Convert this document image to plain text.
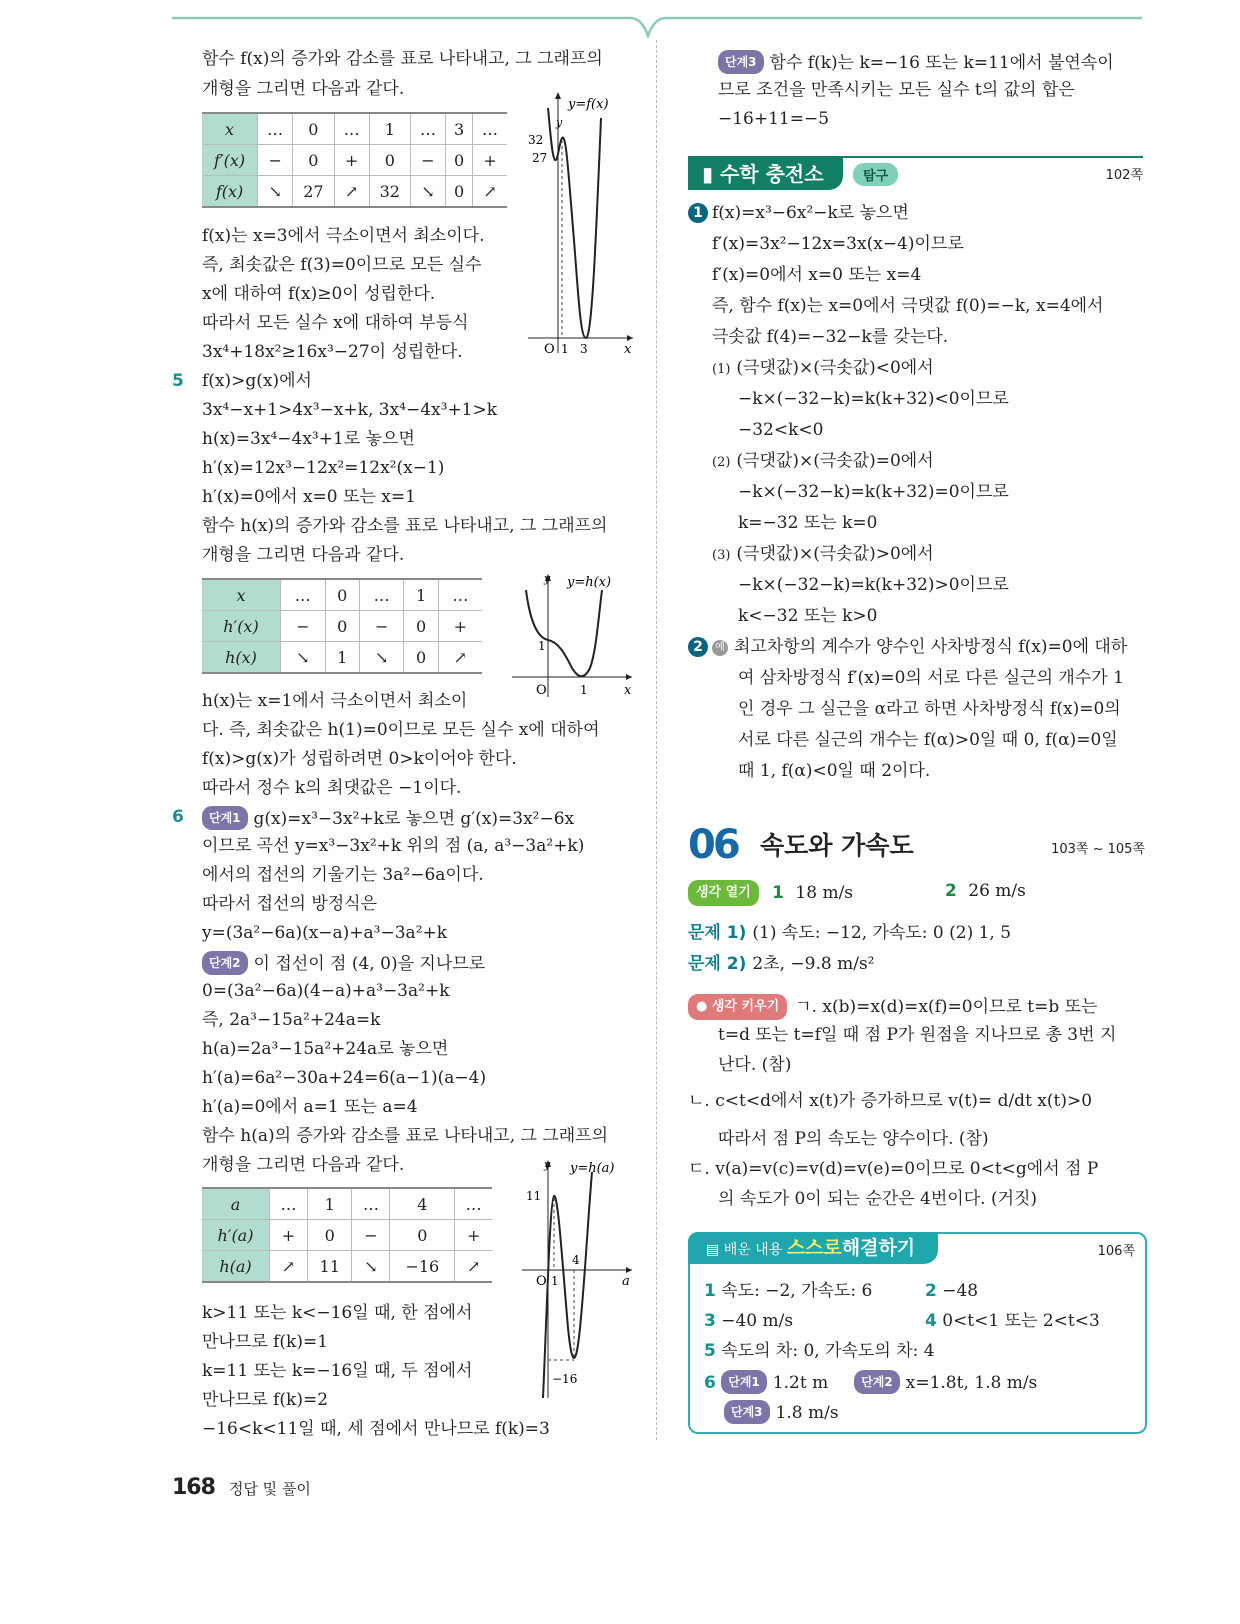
함수 f(x)의 증가와 감소를 표로 나타내고, 그 그래프의
개형을 그리면 다음과 같다.
x	…	0	…	1	…	3	…
f′(x)	−	0	+	0	−	0	+
f(x)	↘	27	↗	32	↘	0	↗
y
y=f(x)
32
27
O 1 3	x
f(x)는 x=3에서 극소이면서 최소이다.
즉, 최솟값은 f(3)=0이므로 모든 실수
x에 대하여 f(x)≥0이 성립한다.
따라서 모든 실수 x에 대하여 부등식
3x⁴+18x²≥16x³−27이 성립한다.
5 f(x)>g(x)에서
3x⁴−x+1>4x³−x+k, 3x⁴−4x³+1>k
h(x)=3x⁴−4x³+1로 놓으면
h′(x)=12x³−12x²=12x²(x−1)
h′(x)=0에서 x=0 또는 x=1
함수 h(x)의 증가와 감소를 표로 나타내고, 그 그래프의
개형을 그리면 다음과 같다.
x	…	0	…	1	…
h′(x)	−	0	−	0	+
h(x)	↘	1	↘	0	↗
y y=h(x)
1
O	1	x
h(x)는 x=1에서 극소이면서 최소이
다. 즉, 최솟값은 h(1)=0이므로 모든 실수 x에 대하여
f(x)>g(x)가 성립하려면 0>k이어야 한다.
따라서 정수 k의 최댓값은 −1이다.
6	단계1 g(x)=x³−3x²+k로 놓으면 g′(x)=3x²−6x
이므로 곡선 y=x³−3x²+k 위의 점 (a, a³−3a²+k)
에서의 접선의 기울기는 3a²−6a이다.
따라서 접선의 방정식은
y=(3a²−6a)(x−a)+a³−3a²+k
단계2 이 접선이 점 (4, 0)을 지나므로
0=(3a²−6a)(4−a)+a³−3a²+k
즉, 2a³−15a²+24a=k
h(a)=2a³−15a²+24a로 놓으면
h′(a)=6a²−30a+24=6(a−1)(a−4)
h′(a)=0에서 a=1 또는 a=4
함수 h(a)의 증가와 감소를 표로 나타내고, 그 그래프의
개형을 그리면 다음과 같다.
a	…	1	…	4	…
h′(a)	+	0	−	0	+
h(a)	↗	11	↘	−16	↗
y y=h(a)
11
−16
O 1
4
a
k>11 또는 k<−16일 때, 한 점에서
만나므로 f(k)=1
k=11 또는 k=−16일 때, 두 점에서
만나므로 f(k)=2
−16<k<11일 때, 세 점에서 만나므로 f(k)=3
단계3 함수 f(k)는 k=−16 또는 k=11에서 불연속이
므로 조건을 만족시키는 모든 실수 t의 값의 합은
−16+11=−5
▮ 수학 충전소	탐구	102쪽
1 f(x)=x³−6x²−k로 놓으면
f′(x)=3x²−12x=3x(x−4)이므로
f′(x)=0에서 x=0 또는 x=4
즉, 함수 f(x)는 x=0에서 극댓값 f(0)=−k, x=4에서
극솟값 f(4)=−32−k를 갖는다.
(1) (극댓값)×(극솟값)<0에서
−k×(−32−k)=k(k+32)<0이므로
−32<k<0
(2) (극댓값)×(극솟값)=0에서
−k×(−32−k)=k(k+32)=0이므로
k=−32 또는 k=0
(3) (극댓값)×(극솟값)>0에서
−k×(−32−k)=k(k+32)>0이므로
k<−32 또는 k>0
2 예 최고차항의 계수가 양수인 사차방정식 f(x)=0에 대하
여 삼차방정식 f′(x)=0의 서로 다른 실근의 개수가 1
인 경우 그 실근을 α라고 하면 사차방정식 f(x)=0의
서로 다른 실근의 개수는 f(α)>0일 때 0, f(α)=0일
때 1, f(α)<0일 때 2이다.
06 속도와 가속도	103쪽 ~ 105쪽
생각 열기 1 18 m/s	2 26 m/s
문제 1) (1) 속도: −12, 가속도: 0 (2) 1, 5
문제 2) 2초, −9.8 m/s²
● 생각 키우기 ㄱ. x(b)=x(d)=x(f)=0이므로 t=b 또는
t=d 또는 t=f일 때 점 P가 원점을 지나므로 총 3번 지
난다. (참)
ㄴ. c<t<d에서 x(t)가 증가하므로 v(t)= d/dt x(t)>0
따라서 점 P의 속도는 양수이다. (참)
ㄷ. v(a)=v(c)=v(d)=v(e)=0이므로 0<t<g에서 점 P
의 속도가 0이 되는 순간은 4번이다. (거짓)
▤ 배운 내용 스스로해결하기	106쪽
1 속도: −2, 가속도: 6	2 −48
3 −40 m/s	4 0<t<1 또는 2<t<3
5 속도의 차: 0, 가속도의 차: 4
6 단계1 1.2t m	단계2 x=1.8t, 1.8 m/s
단계3 1.8 m/s
168 정답 및 풀이
